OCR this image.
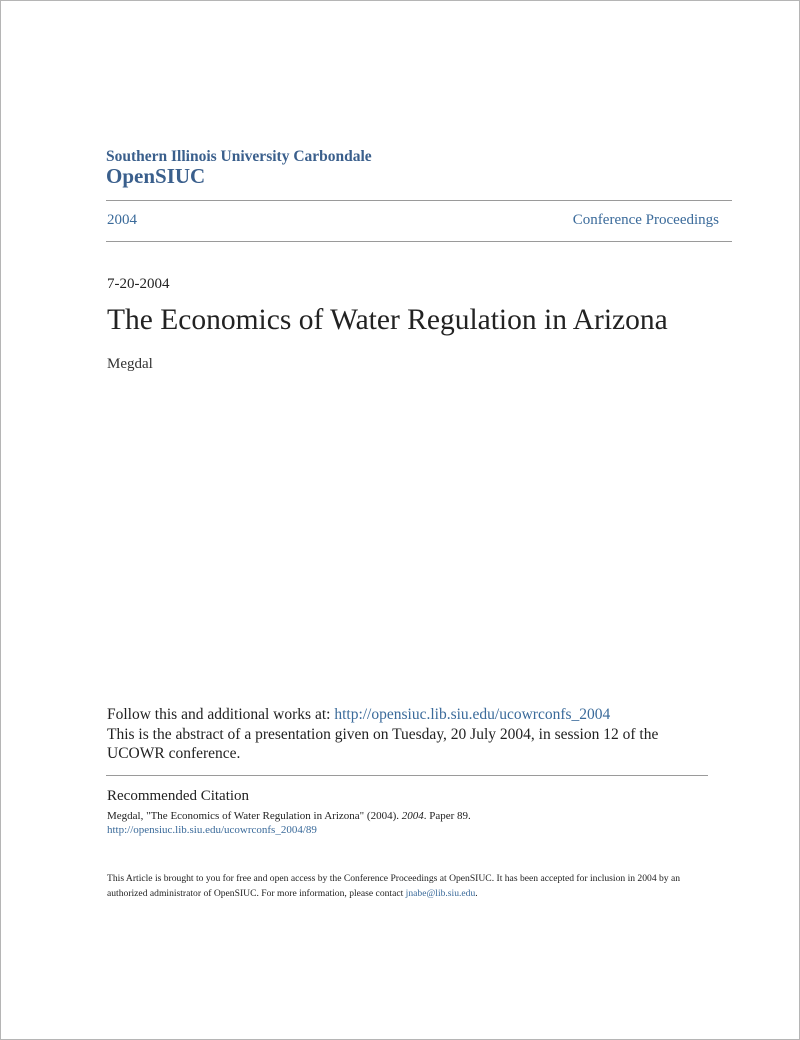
Southern Illinois University Carbondale
OpenSIUC
2004	Conference Proceedings
7-20-2004
The Economics of Water Regulation in Arizona
Megdal
Follow this and additional works at: http://opensiuc.lib.siu.edu/ucowrconfs_2004
This is the abstract of a presentation given on Tuesday, 20 July 2004, in session 12 of the UCOWR conference.
Recommended Citation
Megdal, "The Economics of Water Regulation in Arizona" (2004). 2004. Paper 89.
http://opensiuc.lib.siu.edu/ucowrconfs_2004/89
This Article is brought to you for free and open access by the Conference Proceedings at OpenSIUC. It has been accepted for inclusion in 2004 by an authorized administrator of OpenSIUC. For more information, please contact jnabe@lib.siu.edu.
